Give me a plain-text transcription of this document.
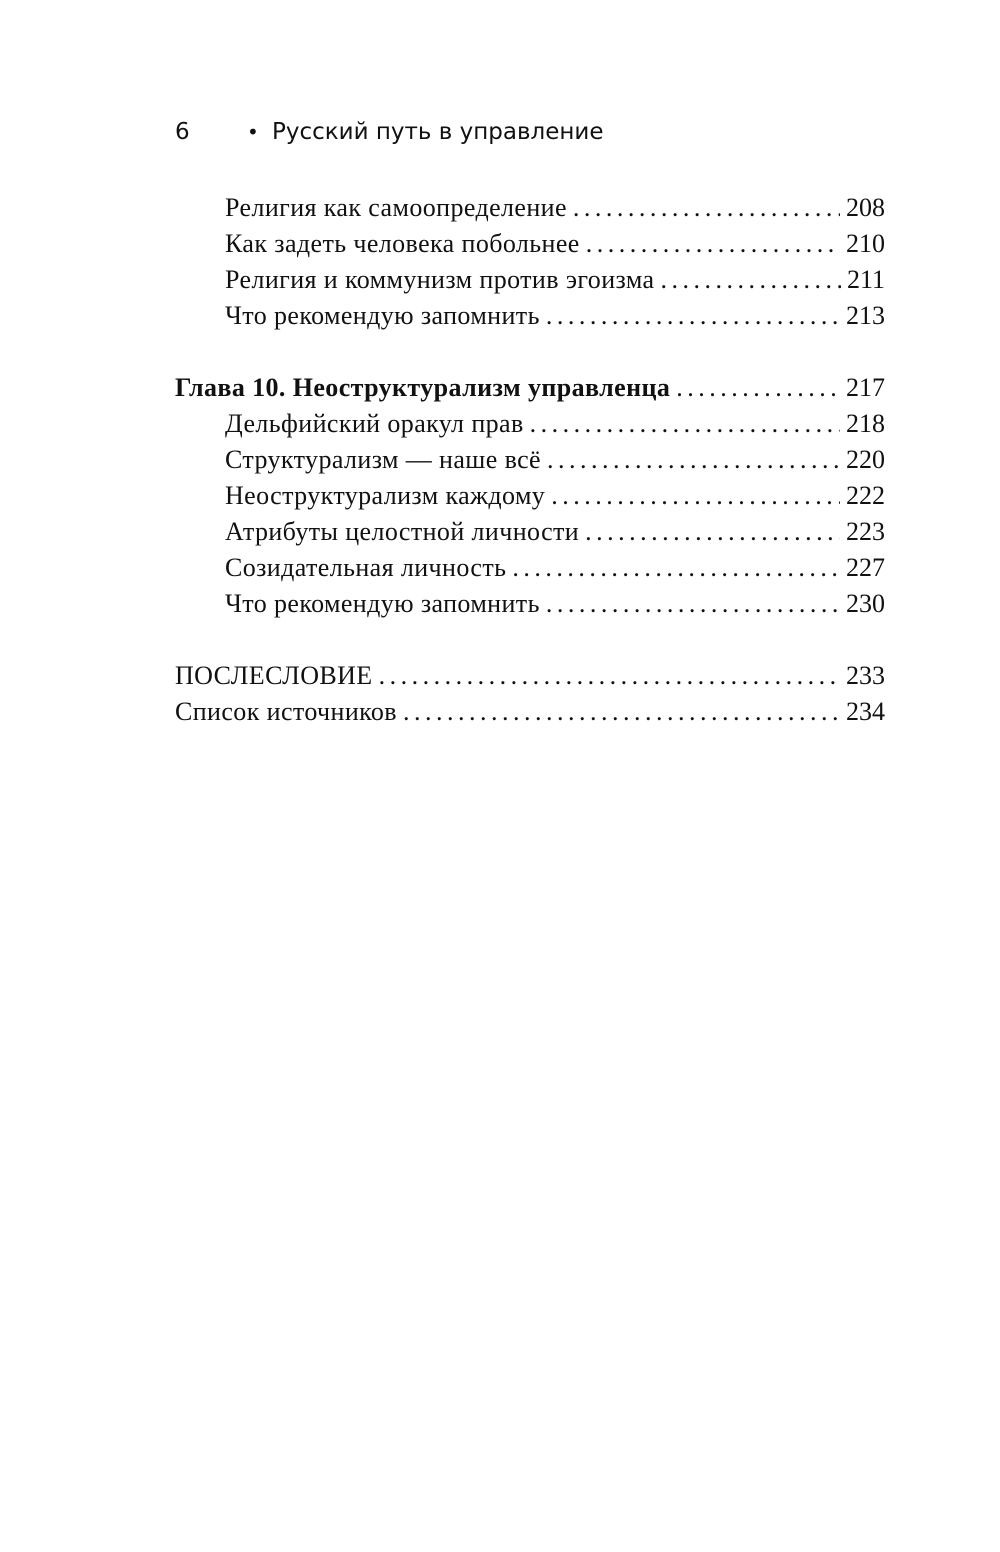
6	• Русский путь в управление
Религия как самоопределение . . .	208
Как задеть человека побольнее . . .	210
Религия и коммунизм против эгоизма . . .	211
Что рекомендую запомнить . . .	213
Глава 10. Неоструктурализм управленца . . .	217
Дельфийский оракул прав . . .	218
Структурализм — наше всё . . .	220
Неоструктурализм каждому . . .	222
Атрибуты целостной личности . . .	223
Созидательная личность . . .	227
Что рекомендую запомнить . . .	230
ПОСЛЕСЛОВИЕ . . .	233
Список источников . . .	234
